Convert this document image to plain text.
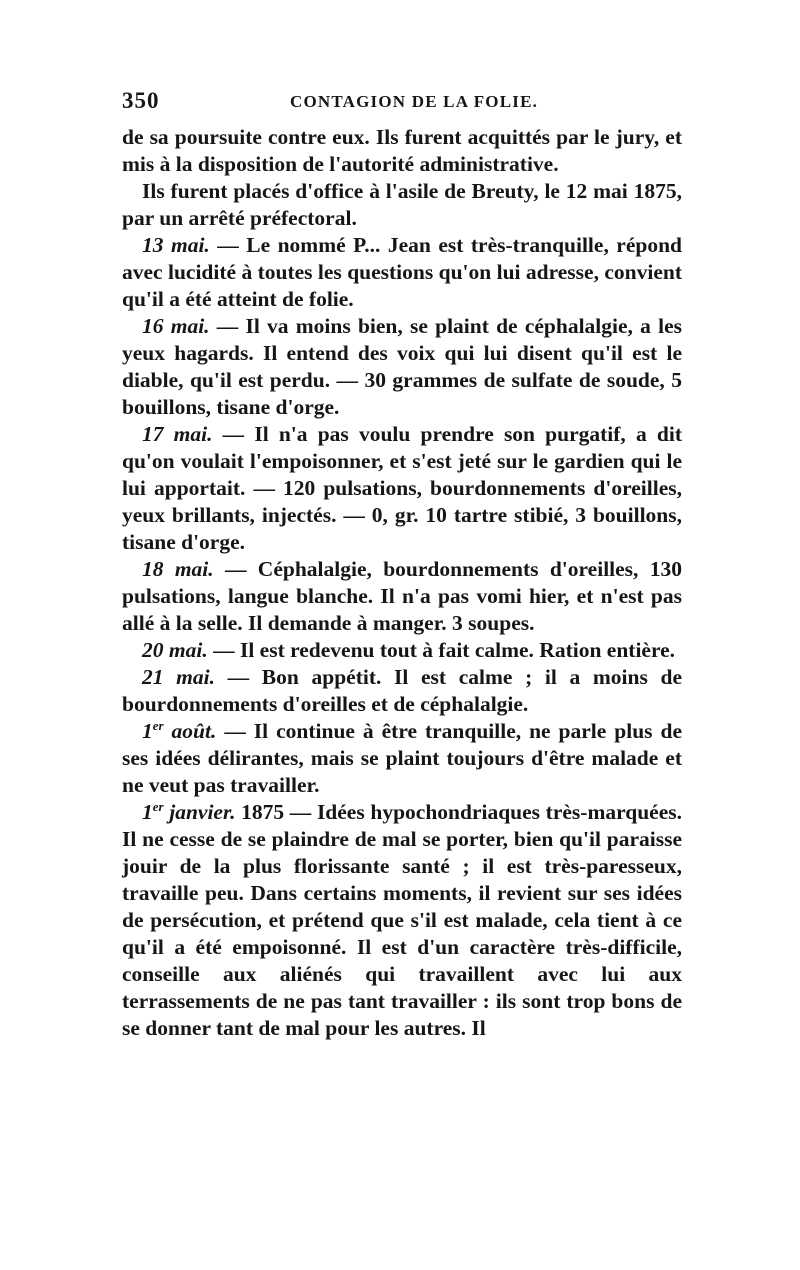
350	CONTAGION DE LA FOLIE.

de sa poursuite contre eux. Ils furent acquittés par le jury, et mis à la disposition de l'autorité administrative.

Ils furent placés d'office à l'asile de Breuty, le 12 mai 1875, par un arrêté préfectoral.

13 mai. — Le nommé P... Jean est très-tranquille, répond avec lucidité à toutes les questions qu'on lui adresse, convient qu'il a été atteint de folie.

16 mai. — Il va moins bien, se plaint de céphalalgie, a les yeux hagards. Il entend des voix qui lui disent qu'il est le diable, qu'il est perdu. — 30 grammes de sulfate de soude, 5 bouillons, tisane d'orge.

17 mai. — Il n'a pas voulu prendre son purgatif, a dit qu'on voulait l'empoisonner, et s'est jeté sur le gardien qui le lui apportait. — 120 pulsations, bourdonnements d'oreilles, yeux brillants, injectés. — 0, gr. 10 tartre stibié, 3 bouillons, tisane d'orge.

18 mai. — Céphalalgie, bourdonnements d'oreilles, 130 pulsations, langue blanche. Il n'a pas vomi hier, et n'est pas allé à la selle. Il demande à manger. 3 soupes.

20 mai. — Il est redevenu tout à fait calme. Ration entière.

21 mai. — Bon appétit. Il est calme ; il a moins de bourdonnements d'oreilles et de céphalalgie.

1er août. — Il continue à être tranquille, ne parle plus de ses idées délirantes, mais se plaint toujours d'être malade et ne veut pas travailler.

1er janvier. 1875 — Idées hypochondriaques très-marquées. Il ne cesse de se plaindre de mal se porter, bien qu'il paraisse jouir de la plus florissante santé ; il est très-paresseux, travaille peu. Dans certains moments, il revient sur ses idées de persécution, et prétend que s'il est malade, cela tient à ce qu'il a été empoisonné. Il est d'un caractère très-difficile, conseille aux aliénés qui travaillent avec lui aux terrassements de ne pas tant travailler : ils sont trop bons de se donner tant de mal pour les autres. Il
